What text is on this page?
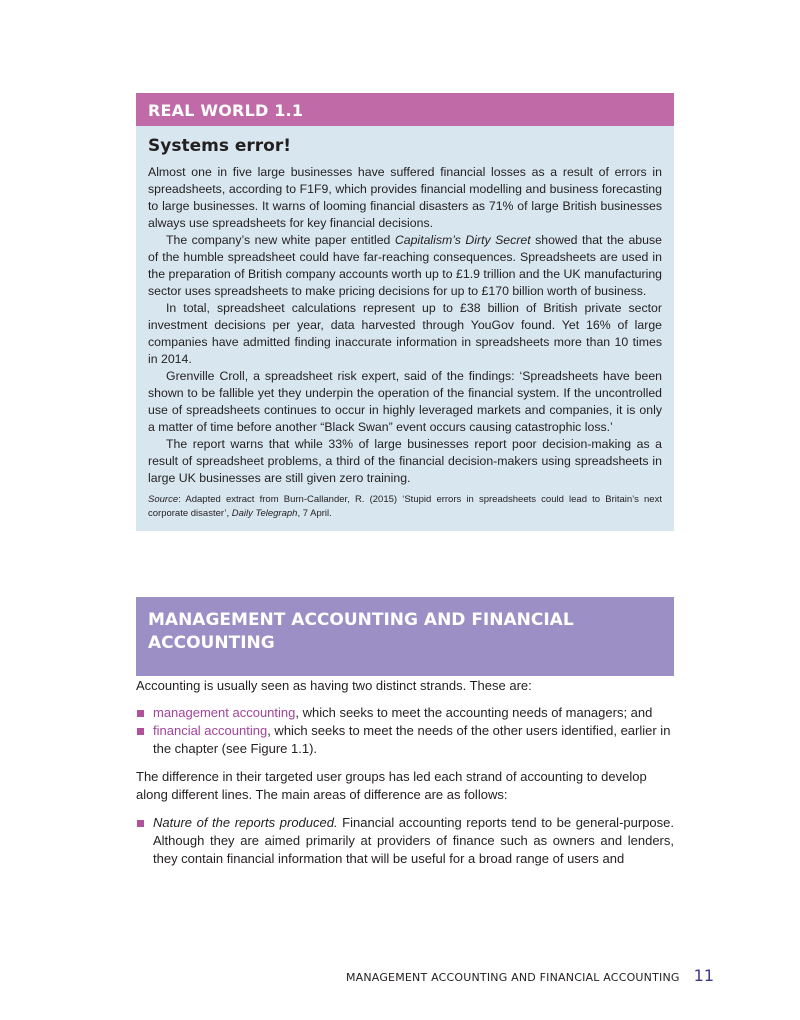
REAL WORLD 1.1
Systems error!

Almost one in five large businesses have suffered financial losses as a result of errors in spreadsheets, according to F1F9, which provides financial modelling and business forecasting to large businesses. It warns of looming financial disasters as 71% of large British businesses always use spreadsheets for key financial decisions.

The company’s new white paper entitled Capitalism’s Dirty Secret showed that the abuse of the humble spreadsheet could have far-reaching consequences. Spreadsheets are used in the preparation of British company accounts worth up to £1.9 trillion and the UK manufacturing sector uses spreadsheets to make pricing decisions for up to £170 billion worth of business.

In total, spreadsheet calculations represent up to £38 billion of British private sector investment decisions per year, data harvested through YouGov found. Yet 16% of large companies have admitted finding inaccurate information in spreadsheets more than 10 times in 2014.

Grenville Croll, a spreadsheet risk expert, said of the findings: ‘Spreadsheets have been shown to be fallible yet they underpin the operation of the financial system. If the uncontrolled use of spreadsheets continues to occur in highly leveraged markets and companies, it is only a matter of time before another “Black Swan” event occurs causing catastrophic loss.’

The report warns that while 33% of large businesses report poor decision-making as a result of spreadsheet problems, a third of the financial decision-makers using spreadsheets in large UK businesses are still given zero training.

Source: Adapted extract from Burn-Callander, R. (2015) ‘Stupid errors in spreadsheets could lead to Britain’s next corporate disaster’, Daily Telegraph, 7 April.

MANAGEMENT ACCOUNTING AND FINANCIAL
ACCOUNTING

Accounting is usually seen as having two distinct strands. These are:

management accounting, which seeks to meet the accounting needs of managers; and
financial accounting, which seeks to meet the needs of the other users identified, earlier in the chapter (see Figure 1.1).

The difference in their targeted user groups has led each strand of accounting to develop along different lines. The main areas of difference are as follows:

Nature of the reports produced. Financial accounting reports tend to be general-purpose. Although they are aimed primarily at providers of finance such as owners and lenders, they contain financial information that will be useful for a broad range of users and
MANAGEMENT ACCOUNTING AND FINANCIAL ACCOUNTING 11
